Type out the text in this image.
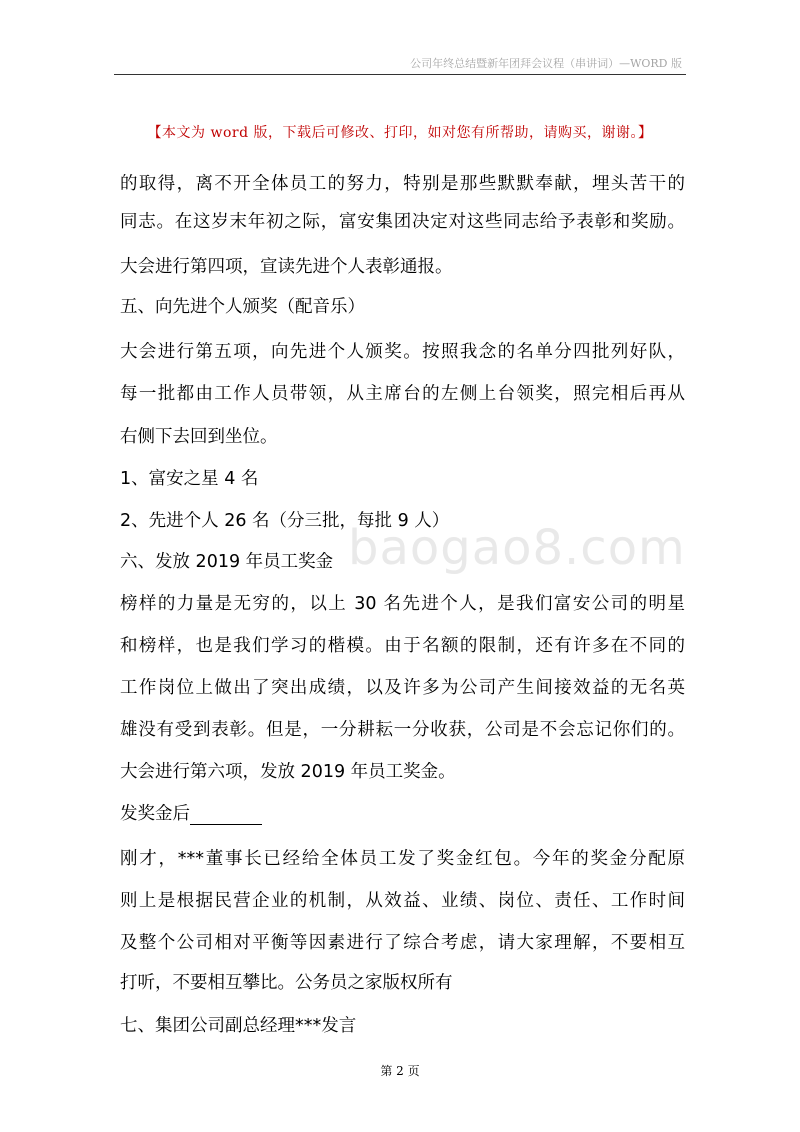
公司年终总结暨新年团拜会议程（串讲词）—WORD 版
【本文为 word 版，下载后可修改、打印，如对您有所帮助，请购买，谢谢。】
baogao8.com
的取得，离不开全体员工的努力，特别是那些默默奉献，埋头苦干的
同志。在这岁末年初之际，富安集团决定对这些同志给予表彰和奖励。
大会进行第四项，宣读先进个人表彰通报。
五、向先进个人颁奖（配音乐）
大会进行第五项，向先进个人颁奖。按照我念的名单分四批列好队，
每一批都由工作人员带领，从主席台的左侧上台领奖，照完相后再从
右侧下去回到坐位。
1、富安之星 4 名
2、先进个人 26 名（分三批，每批 9 人）
六、发放 2019 年员工奖金
榜样的力量是无穷的，以上 30 名先进个人，是我们富安公司的明星
和榜样，也是我们学习的楷模。由于名额的限制，还有许多在不同的
工作岗位上做出了突出成绩，以及许多为公司产生间接效益的无名英
雄没有受到表彰。但是，一分耕耘一分收获，公司是不会忘记你们的。
大会进行第六项，发放 2019 年员工奖金。
发奖金后
刚才，***董事长已经给全体员工发了奖金红包。今年的奖金分配原
则上是根据民营企业的机制，从效益、业绩、岗位、责任、工作时间
及整个公司相对平衡等因素进行了综合考虑，请大家理解，不要相互
打听，不要相互攀比。公务员之家版权所有
七、集团公司副总经理***发言
第 2 页
